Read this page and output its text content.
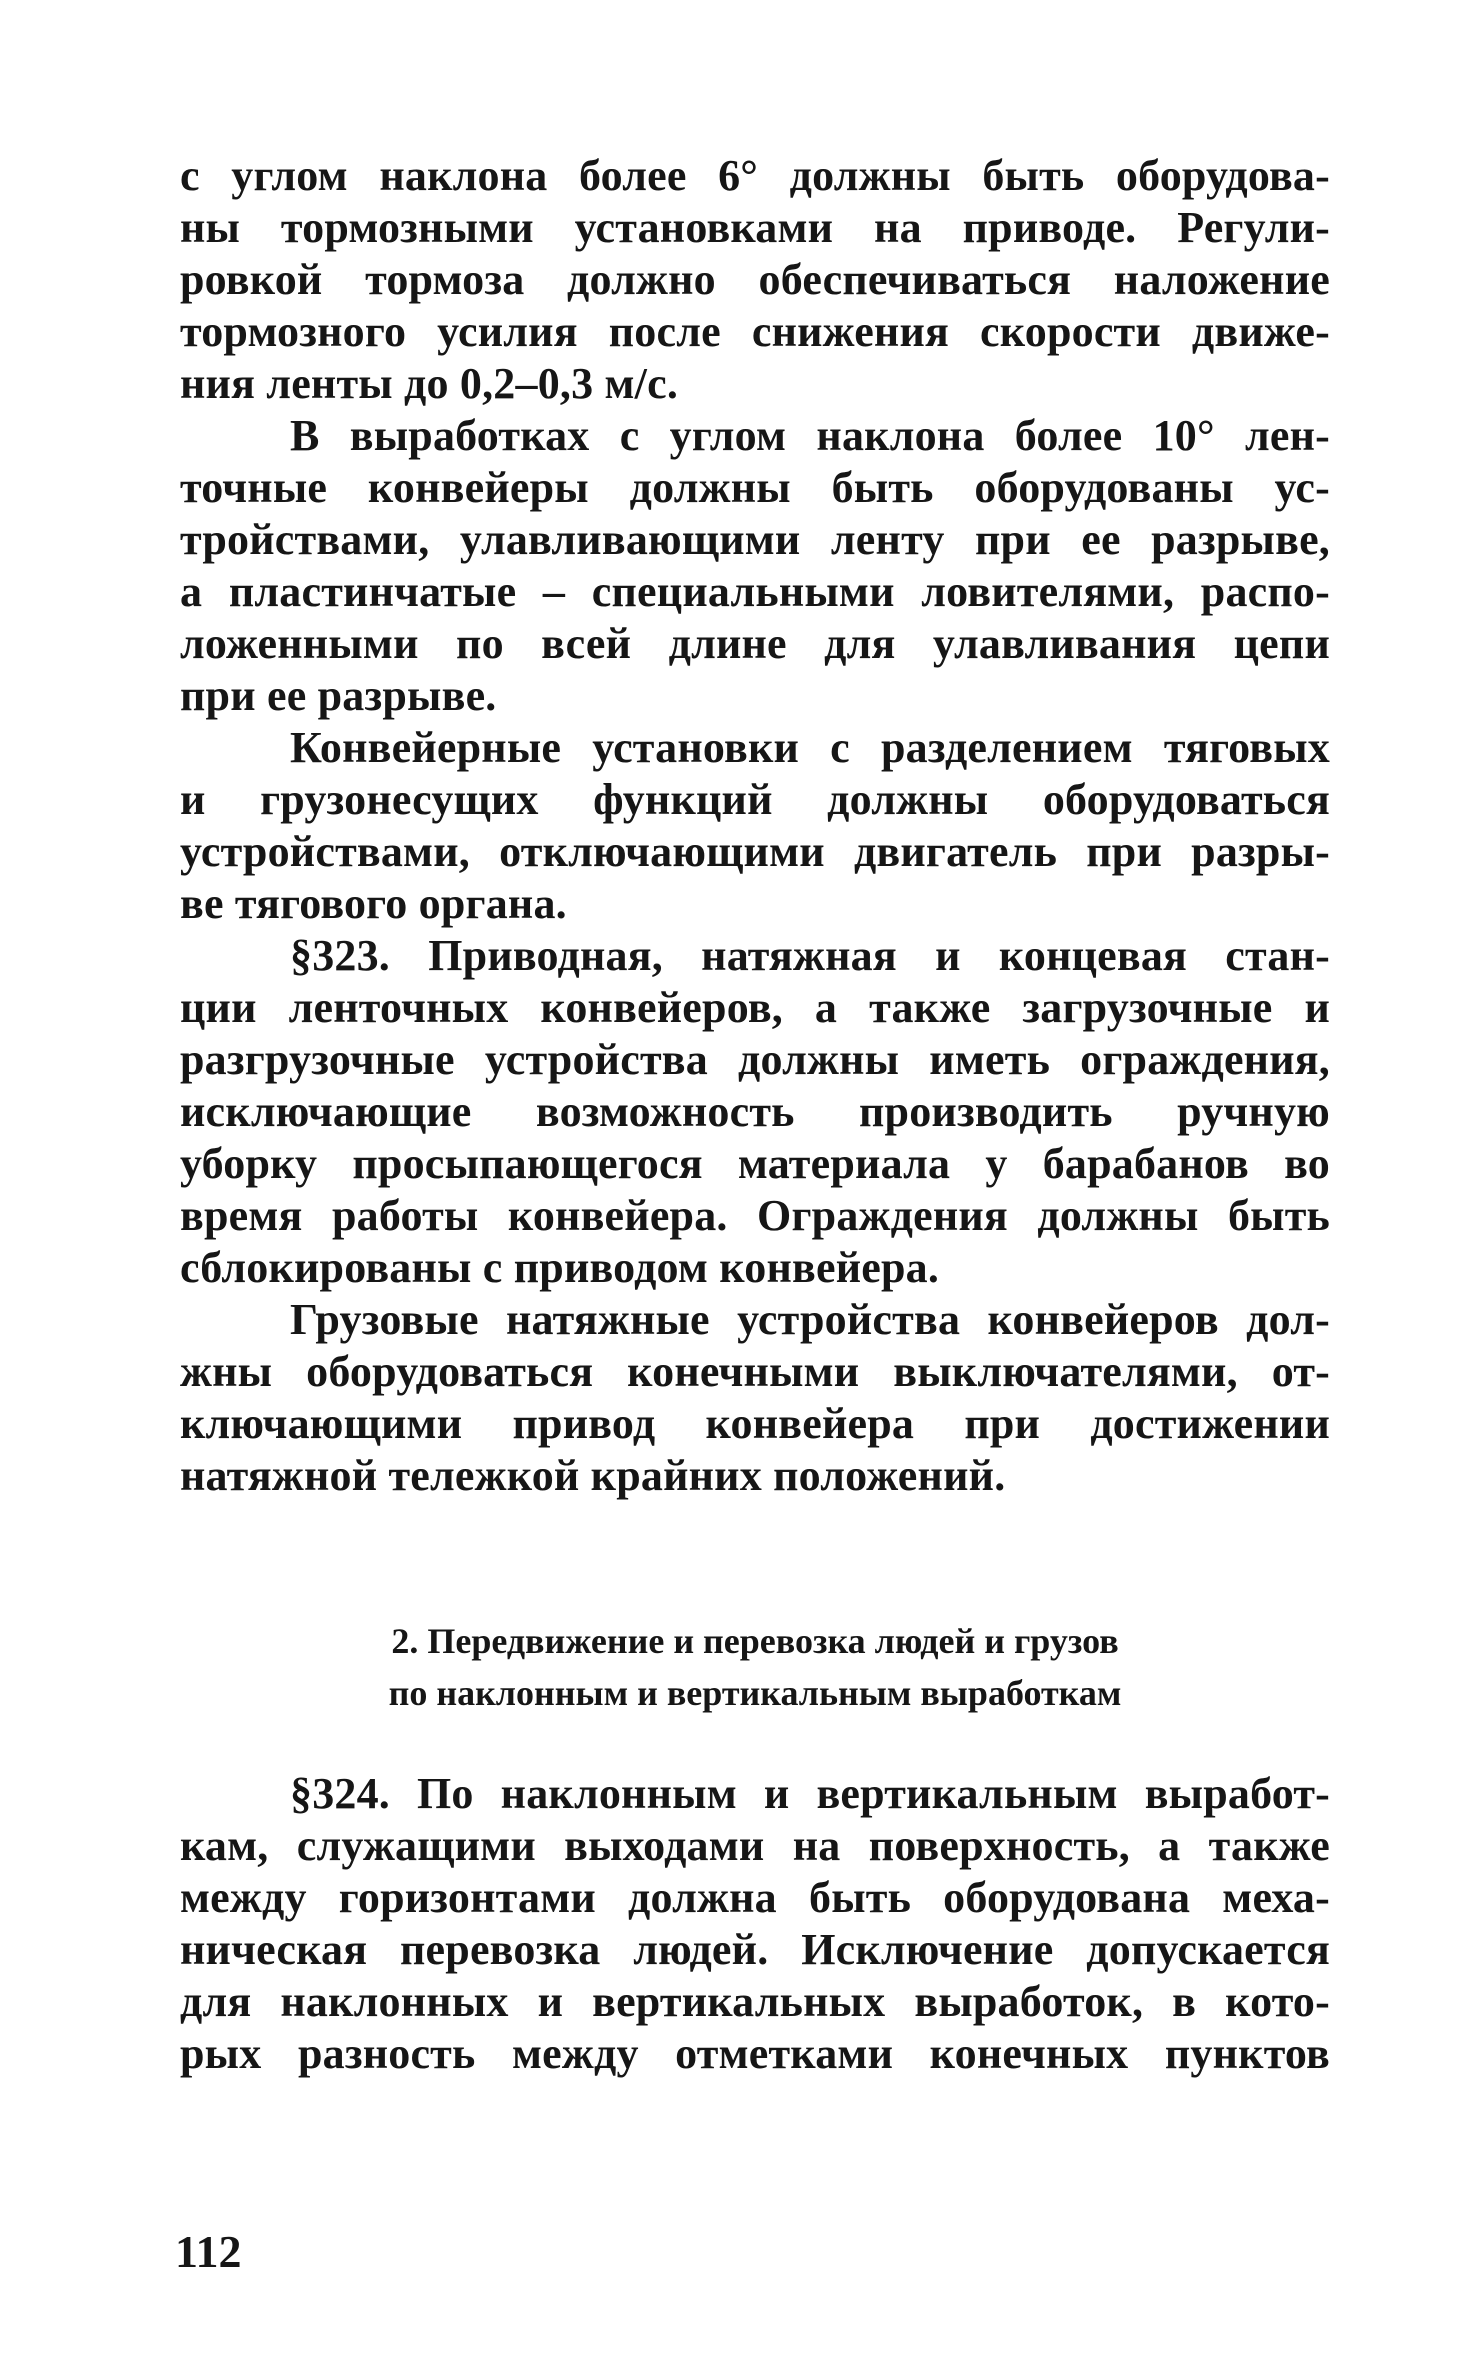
с углом наклона более 6° должны быть оборудова-
ны тормозными установками на приводе. Регули-
ровкой тормоза должно обеспечиваться наложение
тормозного усилия после снижения скорости движе-
ния ленты до 0,2–0,3 м/с.
В выработках с углом наклона более 10° лен-
точные конвейеры должны быть оборудованы ус-
тройствами, улавливающими ленту при ее разрыве,
а пластинчатые – специальными ловителями, распо-
ложенными по всей длине для улавливания цепи
при ее разрыве.
Конвейерные установки с разделением тяговых
и грузонесущих функций должны оборудоваться
устройствами, отключающими двигатель при разры-
ве тягового органа.
§323. Приводная, натяжная и концевая стан-
ции ленточных конвейеров, а также загрузочные и
разгрузочные устройства должны иметь ограждения,
исключающие возможность производить ручную
уборку просыпающегося материала у барабанов во
время работы конвейера. Ограждения должны быть
сблокированы с приводом конвейера.
Грузовые натяжные устройства конвейеров дол-
жны оборудоваться конечными выключателями, от-
ключающими привод конвейера при достижении
натяжной тележкой крайних положений.
2. Передвижение и перевозка людей и грузов
по наклонным и вертикальным выработкам
§324. По наклонным и вертикальным выработ-
кам, служащими выходами на поверхность, а также
между горизонтами должна быть оборудована меха-
ническая перевозка людей. Исключение допускается
для наклонных и вертикальных выработок, в кото-
рых разность между отметками конечных пунктов
112
